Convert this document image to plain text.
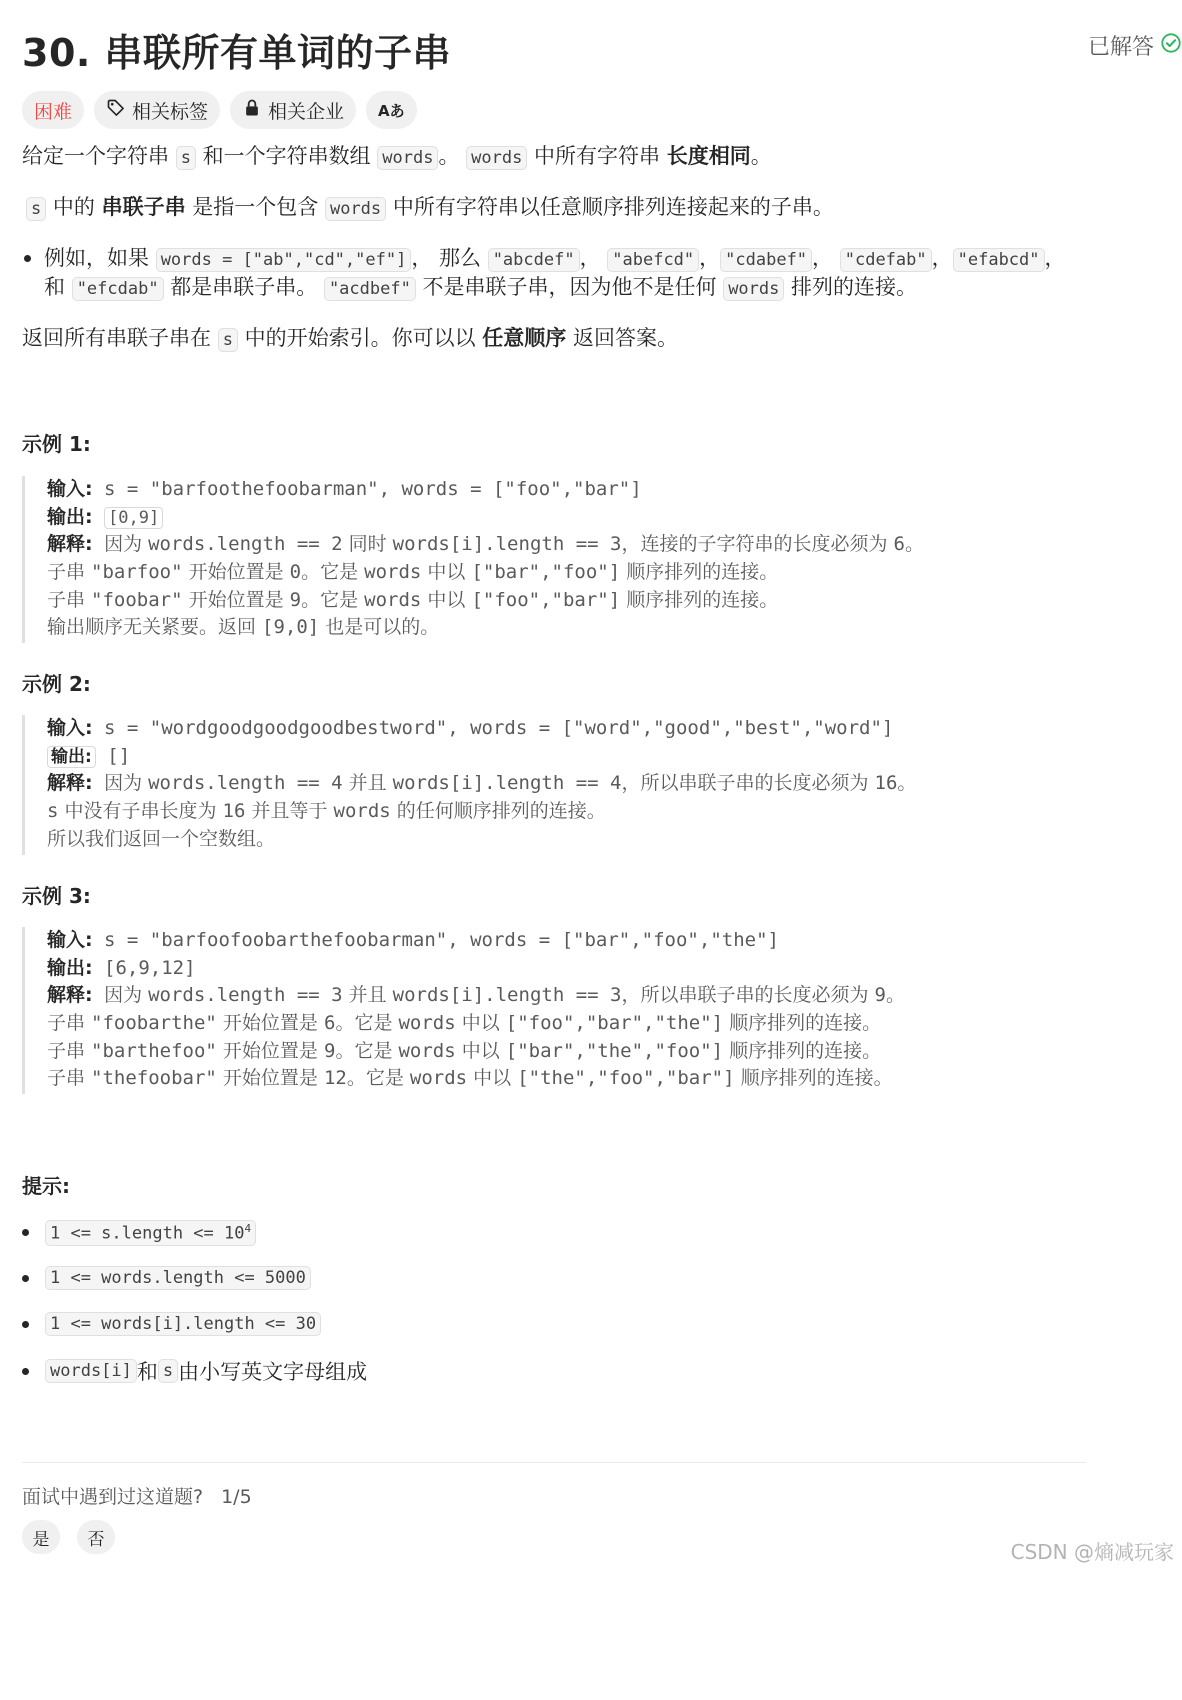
30. 串联所有单词的子串	已解答
困难	相关标签	相关企业 Aあ
给定一个字符串 s 和一个字符串数组 words 。 words 中所有字符串 长度相同。
s 中的 串联子串 是指一个包含 words 中所有字符串以任意顺序排列连接起来的子串。
例如，如果 words = ["ab","cd","ef"] ， 那么 "abcdef" ， "abefcd" ， "cdabef" ， "cdefab" ， "efabcd" ，
和 "efcdab" 都是串联子串。 "acdbef" 不是串联子串，因为他不是任何 words 排列的连接。
返回所有串联子串在 s 中的开始索引。你可以以 任意顺序 返回答案。
示例 1:
输入: s = "barfoothefoobarman", words = ["foo","bar"]
输出: [0,9]
解释: 因为 words.length == 2 同时 words[i].length == 3，连接的子字符串的长度必须为 6。
子串 "barfoo" 开始位置是 0。它是 words 中以 ["bar","foo"] 顺序排列的连接。
子串 "foobar" 开始位置是 9。它是 words 中以 ["foo","bar"] 顺序排列的连接。
输出顺序无关紧要。返回 [9,0] 也是可以的。
示例 2:
输入: s = "wordgoodgoodgoodbestword", words = ["word","good","best","word"]
输出: []
解释: 因为 words.length == 4 并且 words[i].length == 4，所以串联子串的长度必须为 16。
s 中没有子串长度为 16 并且等于 words 的任何顺序排列的连接。
所以我们返回一个空数组。
示例 3:
输入: s = "barfoofoobarthefoobarman", words = ["bar","foo","the"]
输出: [6,9,12]
解释: 因为 words.length == 3 并且 words[i].length == 3，所以串联子串的长度必须为 9。
子串 "foobarthe" 开始位置是 6。它是 words 中以 ["foo","bar","the"] 顺序排列的连接。
子串 "barthefoo" 开始位置是 9。它是 words 中以 ["bar","the","foo"] 顺序排列的连接。
子串 "thefoobar" 开始位置是 12。它是 words 中以 ["the","foo","bar"] 顺序排列的连接。
提示:
1 <= s.length <= $10^4$
1 <= words.length <= 5000
1 <= words[i].length <= 30
words[i] 和 s 由小写英文字母组成
面试中遇到过这道题? 1/5
是	否
CSDN @熵减玩家
